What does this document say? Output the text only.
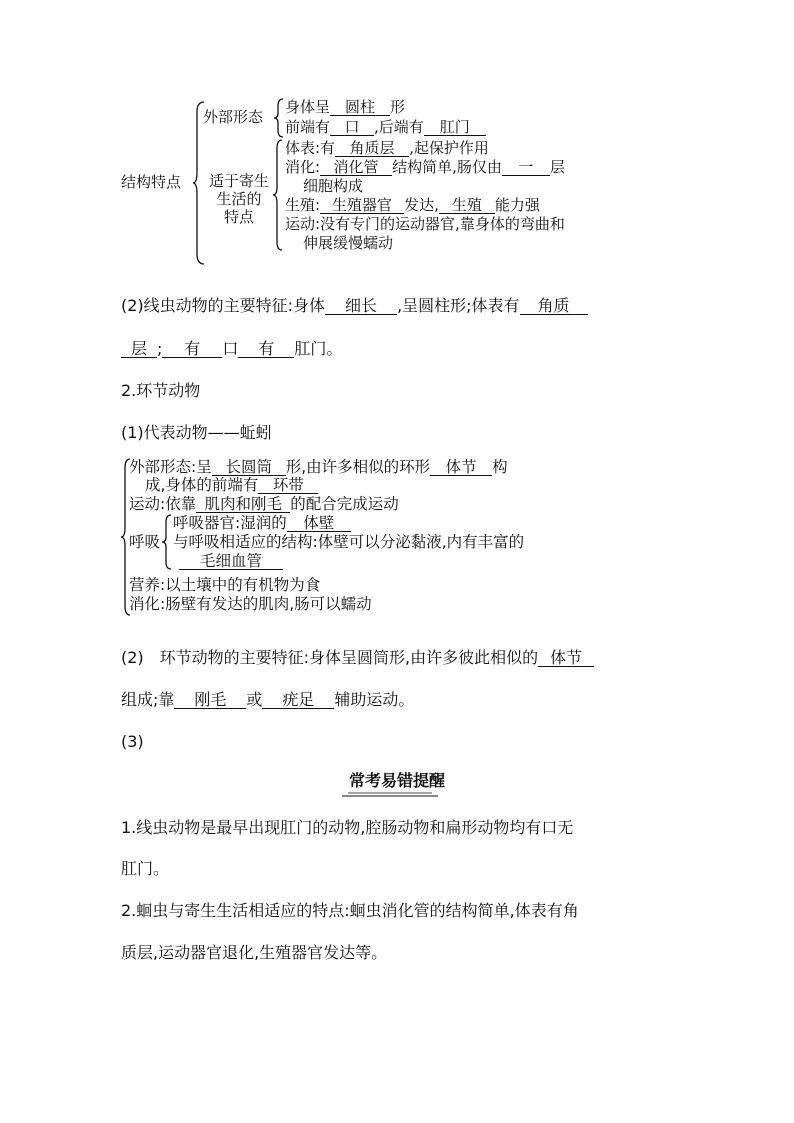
结构特点
外部形态
身体呈 圆柱 形
前端有 口 ,后端有 肛门
适于寄生
生活的
特点
体表:有 角质层 ,起保护作用
消化: 消化管 结构简单,肠仅由 一 层
细胞构成
生殖: 生殖器官 发达, 生殖 能力强
运动:没有专门的运动器官,靠身体的弯曲和
伸展缓慢蠕动
(2)线虫动物的主要特征:身体 细长 ,呈圆柱形;体表有 角质
层 ; 有 口 有 肛门。
2.环节动物
(1)代表动物——蚯蚓
外部形态:呈 长圆筒 形,由许多相似的环形 体节 构
成,身体的前端有 环带
运动:依靠 肌肉和刚毛 的配合完成运动
呼吸
呼吸器官:湿润的 体壁
与呼吸相适应的结构:体壁可以分泌黏液,内有丰富的
毛细血管
营养:以土壤中的有机物为食
消化:肠壁有发达的肌肉,肠可以蠕动
(2)　环节动物的主要特征:身体呈圆筒形,由许多彼此相似的 体节
组成;靠 刚毛 或 疣足 辅助运动。
(3)
常考易错提醒
1.线虫动物是最早出现肛门的动物,腔肠动物和扁形动物均有口无
肛门。
2.蛔虫与寄生生活相适应的特点:蛔虫消化管的结构简单,体表有角
质层,运动器官退化,生殖器官发达等。
